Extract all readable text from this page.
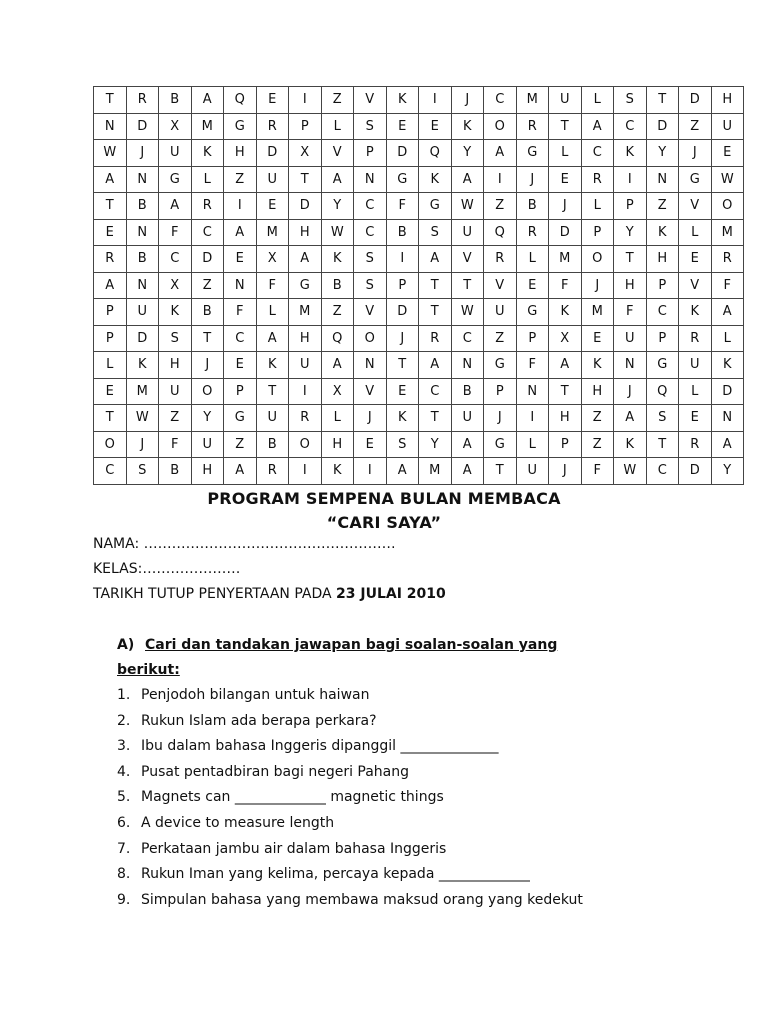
T	R	B	A	Q	E	I	Z	V	K	I	J	C	M	U	L	S	T	D	H
N	D	X	M	G	R	P	L	S	E	E	K	O	R	T	A	C	D	Z	U
W	J	U	K	H	D	X	V	P	D	Q	Y	A	G	L	C	K	Y	J	E
A	N	G	L	Z	U	T	A	N	G	K	A	I	J	E	R	I	N	G	W
T	B	A	R	I	E	D	Y	C	F	G	W	Z	B	J	L	P	Z	V	O
E	N	F	C	A	M	H	W	C	B	S	U	Q	R	D	P	Y	K	L	M
R	B	C	D	E	X	A	K	S	I	A	V	R	L	M	O	T	H	E	R
A	N	X	Z	N	F	G	B	S	P	T	T	V	E	F	J	H	P	V	F
P	U	K	B	F	L	M	Z	V	D	T	W	U	G	K	M	F	C	K	A
P	D	S	T	C	A	H	Q	O	J	R	C	Z	P	X	E	U	P	R	L
L	K	H	J	E	K	U	A	N	T	A	N	G	F	A	K	N	G	U	K
E	M	U	O	P	T	I	X	V	E	C	B	P	N	T	H	J	Q	L	D
T	W	Z	Y	G	U	R	L	J	K	T	U	J	I	H	Z	A	S	E	N
O	J	F	U	Z	B	O	H	E	S	Y	A	G	L	P	Z	K	T	R	A
C	S	B	H	A	R	I	K	I	A	M	A	T	U	J	F	W	C	D	Y
PROGRAM SEMPENA BULAN MEMBACA
“CARI SAYA”
NAMA: ………………………………………………
KELAS:…………………
TARIKH TUTUP PENYERTAAN PADA 23 JULAI 2010
A) Cari dan tandakan jawapan bagi soalan-soalan yang
berikut:
1. Penjodoh bilangan untuk haiwan
2. Rukun Islam ada berapa perkara?
3. Ibu dalam bahasa Inggeris dipanggil ______________
4. Pusat pentadbiran bagi negeri Pahang
5. Magnets can _____________ magnetic things
6. A device to measure length
7. Perkataan jambu air dalam bahasa Inggeris
8. Rukun Iman yang kelima, percaya kepada _____________
9. Simpulan bahasa yang membawa maksud orang yang kedekut
